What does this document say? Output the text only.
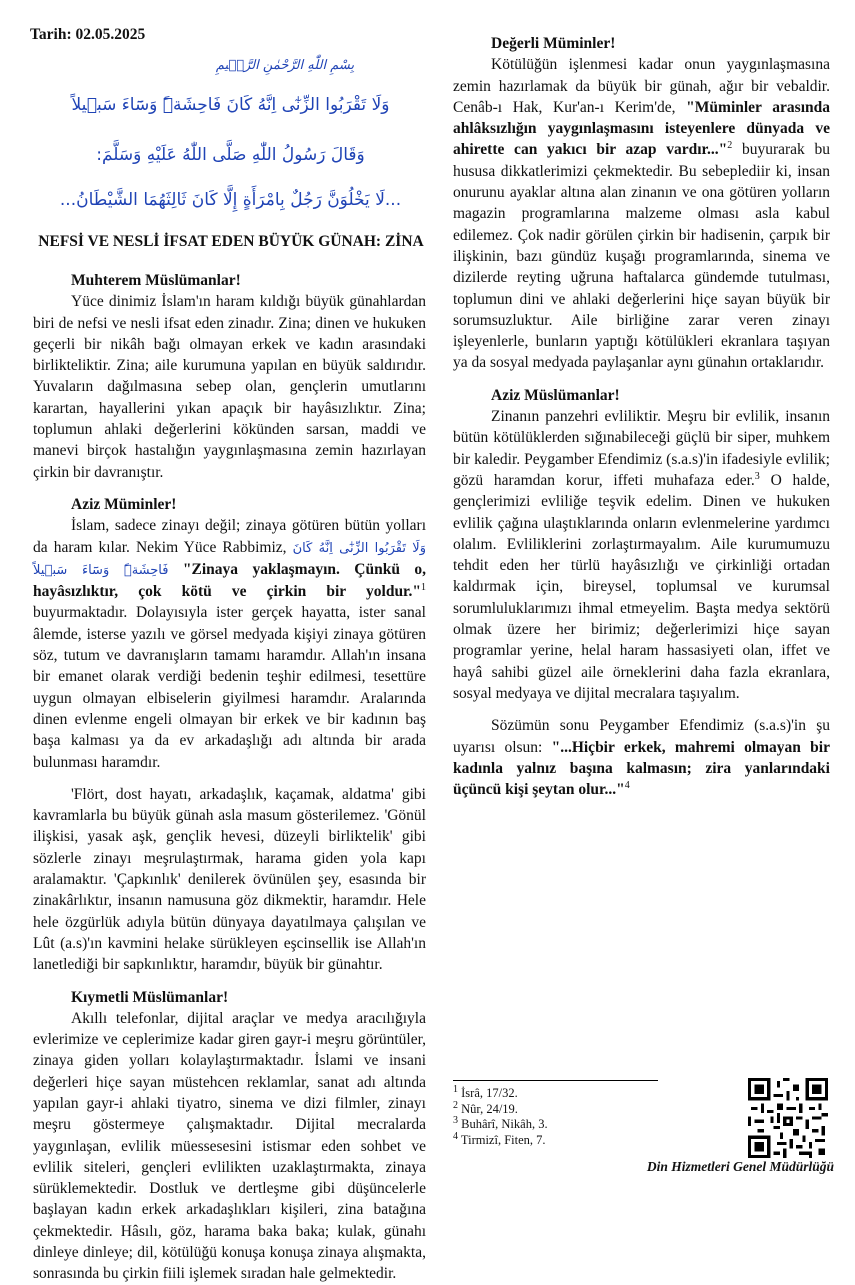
Tarih: 02.05.2025
بِسْمِ اللّٰهِ الرَّحْمٰنِ الرَّح۪يمِ
وَلَا تَقْرَبُوا الزِّنٰٓى اِنَّهُ كَانَ فَاحِشَةًۜ وَسَٓاءَ سَب۪يلاً
وَقَالَ رَسُولُ اللّٰهِ صَلَّى اللّٰهُ عَلَيْهِ وَسَلَّمَ:
...لَا يَخْلُوَنَّ رَجُلٌ بِامْرَأَةٍ إِلَّا كَانَ ثَالِثَهُمَا الشَّيْطَانُ...
NEFSİ VE NESLİ İFSAT EDEN BÜYÜK GÜNAH: ZİNA
Muhterem Müslümanlar!
Yüce dinimiz İslam'ın haram kıldığı büyük günahlardan biri de nefsi ve nesli ifsat eden zinadır. Zina; dinen ve hukuken geçerli bir nikâh bağı olmayan erkek ve kadın arasındaki birlikteliktir. Zina; aile kurumuna yapılan en büyük saldırıdır. Yuvaların dağılmasına sebep olan, gençlerin umutlarını karartan, hayallerini yıkan apaçık bir hayâsızlıktır. Zina; toplumun ahlaki değerlerini kökünden sarsan, maddi ve manevi birçok hastalığın yaygınlaşmasına zemin hazırlayan çirkin bir davranıştır.
Aziz Müminler!
İslam, sadece zinayı değil; zinaya götüren bütün yolları da haram kılar. Nekim Yüce Rabbimiz, وَلَا تَقْرَبُوا الزِّنٰٓى اِنَّهُ كَانَ فَاحِشَةًۜ وَسَٓاءَ سَب۪يلاً "Zinaya yaklaşmayın. Çünkü o, hayâsızlıktır, çok kötü ve çirkin bir yoldur."$^1$ buyurmaktadır. Dolayısıyla ister gerçek hayatta, ister sanal âlemde, isterse yazılı ve görsel medyada kişiyi zinaya götüren söz, tutum ve davranışların tamamı haramdır. Allah'ın insana bir emanet olarak verdiği bedenin teşhir edilmesi, tesettüre uygun olmayan elbiselerin giyilmesi haramdır. Aralarında dinen evlenme engeli olmayan bir erkek ve bir kadının baş başa kalması ya da ev arkadaşlığı adı altında bir arada bulunması haramdır.
'Flört, dost hayatı, arkadaşlık, kaçamak, aldatma' gibi kavramlarla bu büyük günah asla masum gösterilemez. 'Gönül ilişkisi, yasak aşk, gençlik hevesi, düzeyli birliktelik' gibi sözlerle zinayı meşrulaştırmak, harama giden yola kapı aralamaktır. 'Çapkınlık' denilerek övünülen şey, esasında bir zinakârlıktır, insanın namusuna göz dikmektir, haramdır. Hele hele özgürlük adıyla bütün dünyaya dayatılmaya çalışılan ve Lût (a.s)'ın kavmini helake sürükleyen eşcinsellik ise Allah'ın lanetlediği bir sapkınlıktır, haramdır, büyük bir günahtır.
Kıymetli Müslümanlar!
Akıllı telefonlar, dijital araçlar ve medya aracılığıyla evlerimize ve ceplerimize kadar giren gayr-i meşru görüntüler, zinaya giden yolları kolaylaştırmaktadır. İslami ve insani değerleri hiçe sayan müstehcen reklamlar, sanat adı altında yapılan gayr-i ahlaki tiyatro, sinema ve dizi filmler, zinayı meşru göstermeye çalışmaktadır. Dijital mecralarda yaygınlaşan, evlilik müessesesini istismar eden sohbet ve evlilik siteleri, gençleri evlilikten uzaklaştırmakta, zinaya sürüklemektedir. Dostluk ve dertleşme gibi düşüncelerle başlayan kadın erkek arkadaşlıkları kişileri, zina batağına çekmektedir. Hâsılı, göz, harama baka baka; kulak, günahı dinleye dinleye; dil, kötülüğü konuşa konuşa zinaya alışmakta, sonrasında bu çirkin fiili işlemek sıradan hale gelmektedir.
Değerli Müminler!
Kötülüğün işlenmesi kadar onun yaygınlaşmasına zemin hazırlamak da büyük bir günah, ağır bir vebaldir. Cenâb-ı Hak, Kur'an-ı Kerim'de, "Müminler arasında ahlâksızlığın yaygınlaşmasını isteyenlere dünyada ve ahirette can yakıcı bir azap vardır..."$^2$ buyurarak bu hususa dikkatlerimizi çekmektedir. Bu sebeplediir ki, insan onurunu ayaklar altına alan zinanın ve ona götüren yolların magazin programlarına malzeme olması asla kabul edilemez. Çok nadir görülen çirkin bir hadisenin, çarpık bir ilişkinin, bazı gündüz kuşağı programlarında, sinema ve dizilerde reyting uğruna haftalarca gündemde tutulması, toplumun dini ve ahlaki değerlerini hiçe sayan büyük bir sorumsuzluktur. Aile birliğine zarar veren zinayı işleyenlerle, bunların yaptığı kötülükleri ekranlara taşıyan ya da sosyal medyada paylaşanlar aynı günahın ortaklarıdır.
Aziz Müslümanlar!
Zinanın panzehri evliliktir. Meşru bir evlilik, insanın bütün kötülüklerden sığınabileceği güçlü bir siper, muhkem bir kaledir. Peygamber Efendimiz (s.a.s)'in ifadesiyle evlilik; gözü haramdan korur, iffeti muhafaza eder.$^3$ O halde, gençlerimizi evliliğe teşvik edelim. Dinen ve hukuken evlilik çağına ulaştıklarında onların evlenmelerine yardımcı olalım. Evliliklerini zorlaştırmayalım. Aile kurumumuzu tehdit eden her türlü hayâsızlığı ve çirkinliği ortadan kaldırmak için, bireysel, toplumsal ve kurumsal sorumluluklarımızı ihmal etmeyelim. Başta medya sektörü olmak üzere her birimiz; değerlerimizi hiçe sayan programlar yerine, helal haram hassasiyeti olan, iffet ve hayâ sahibi güzel aile örneklerini daha fazla ekranlara, sosyal medyaya ve dijital mecralara taşıyalım.
Sözümün sonu Peygamber Efendimiz (s.a.s)'in şu uyarısı olsun: "...Hiçbir erkek, mahremi olmayan bir kadınla yalnız başına kalmasın; zira yanlarındaki üçüncü kişi şeytan olur..."$^4$
$^1$ İsrâ, 17/32.
$^2$ Nûr, 24/19.
$^3$ Buhârî, Nikâh, 3.
$^4$ Tirmizî, Fiten, 7.
Din Hizmetleri Genel Müdürlüğü
